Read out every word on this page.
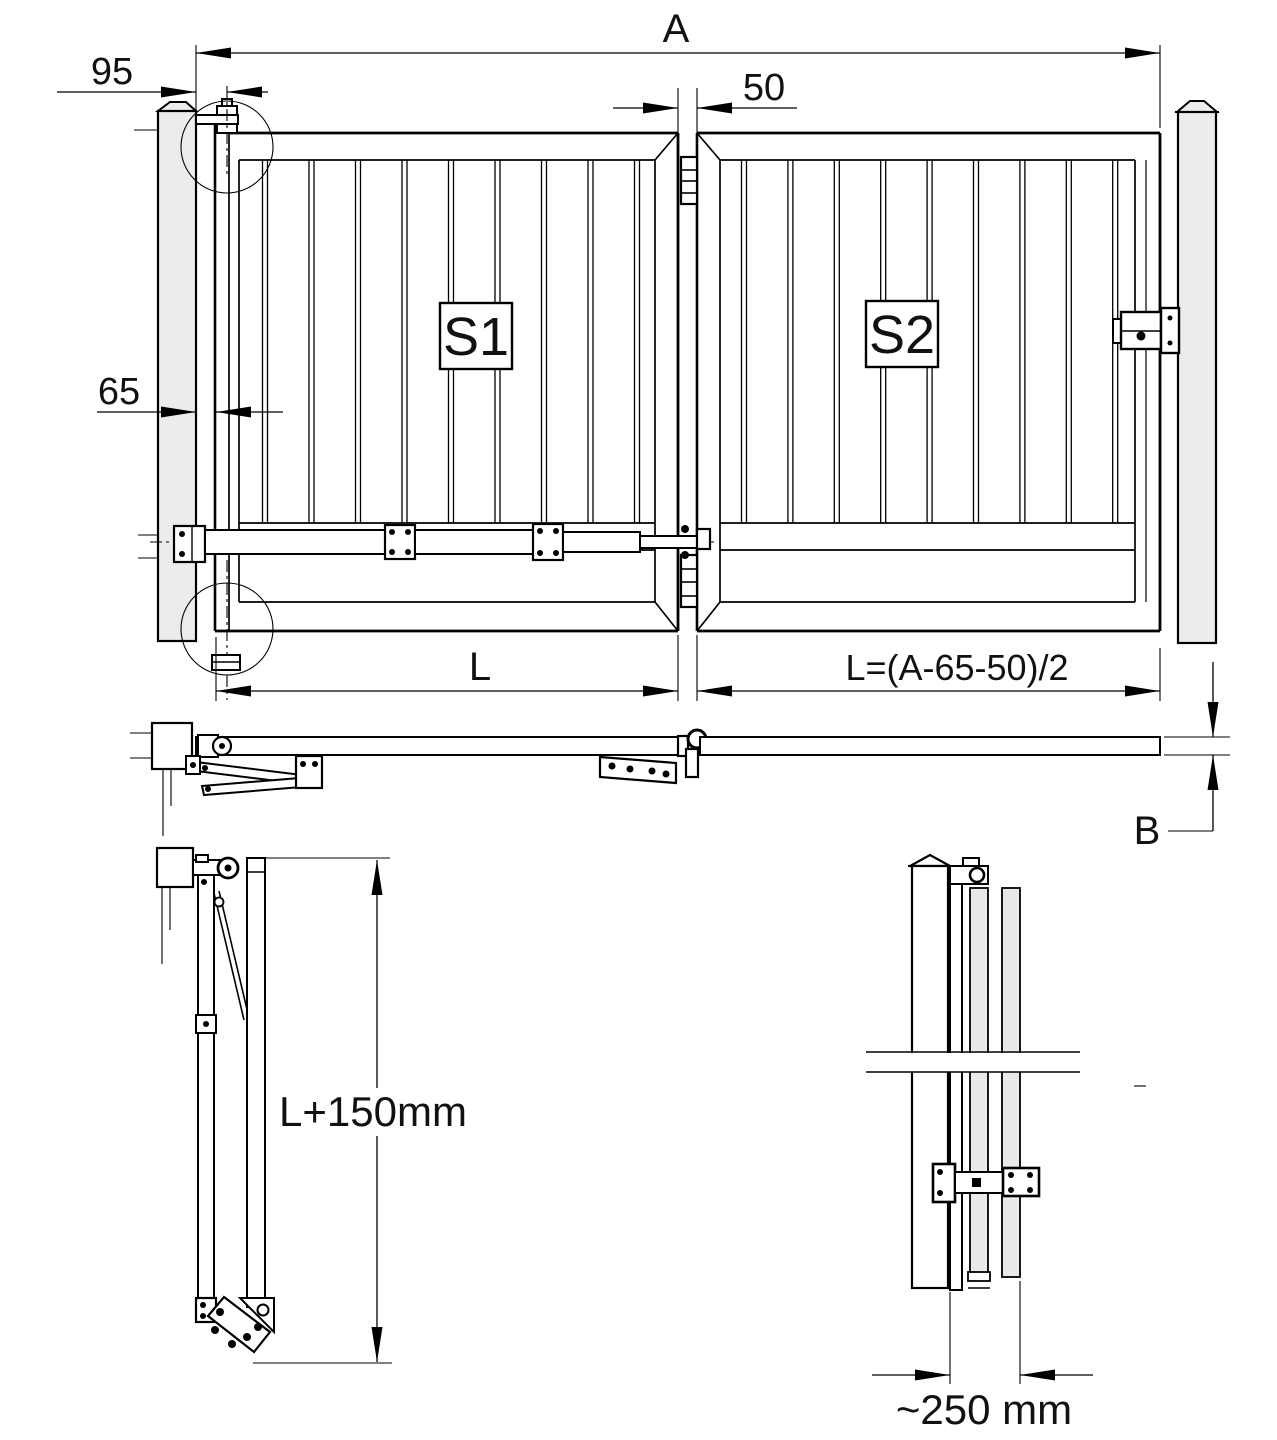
A
95
65
50
S1	S2
L	L=(A-65-50)/2
B
L+150mm
~250 mm
